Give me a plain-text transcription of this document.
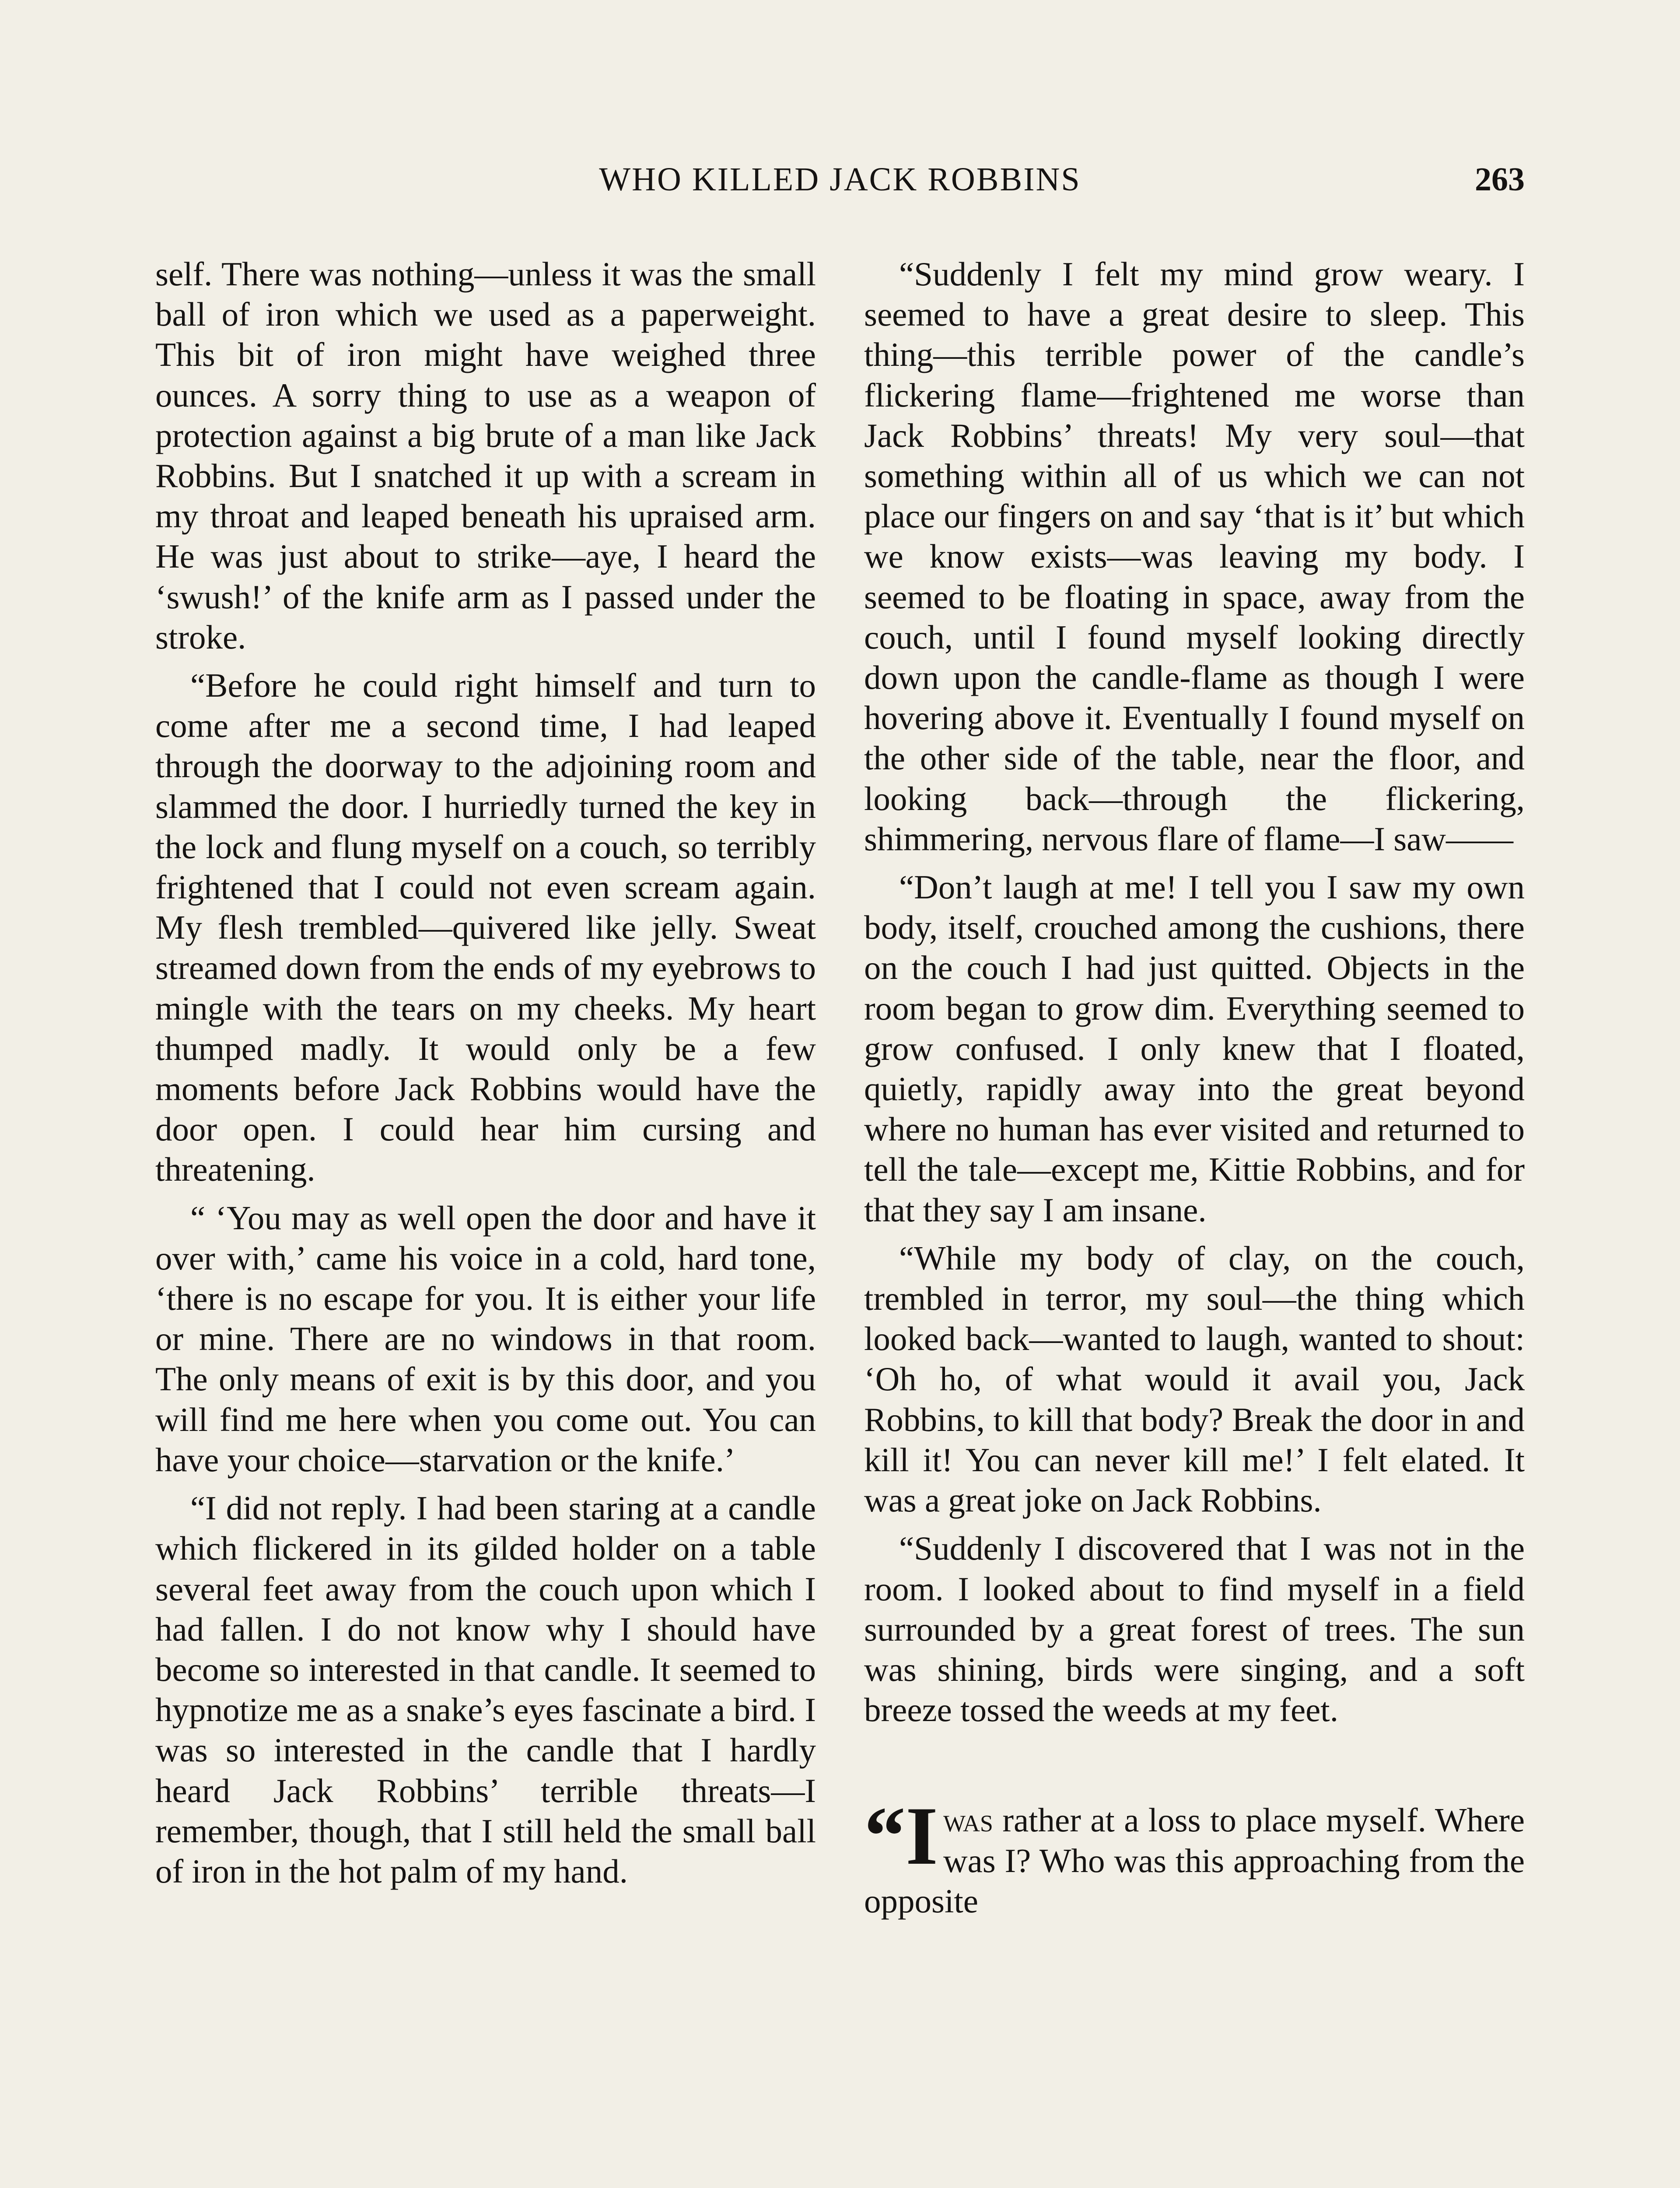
WHO KILLED JACK ROBBINS	263

self. There was nothing—unless it was the small ball of iron which we used as a paperweight. This bit of iron might have weighed three ounces. A sorry thing to use as a weapon of protection against a big brute of a man like Jack Robbins. But I snatched it up with a scream in my throat and leaped beneath his upraised arm. He was just about to strike—aye, I heard the ‘swush!’ of the knife arm as I passed under the stroke.

“Before he could right himself and turn to come after me a second time, I had leaped through the doorway to the adjoining room and slammed the door. I hurriedly turned the key in the lock and flung myself on a couch, so terribly frightened that I could not even scream again. My flesh trembled—quivered like jelly. Sweat streamed down from the ends of my eyebrows to mingle with the tears on my cheeks. My heart thumped madly. It would only be a few moments before Jack Robbins would have the door open. I could hear him cursing and threatening.

“ ‘You may as well open the door and have it over with,’ came his voice in a cold, hard tone, ‘there is no escape for you. It is either your life or mine. There are no windows in that room. The only means of exit is by this door, and you will find me here when you come out. You can have your choice—starvation or the knife.’

“I did not reply. I had been staring at a candle which flickered in its gilded holder on a table several feet away from the couch upon which I had fallen. I do not know why I should have become so interested in that candle. It seemed to hypnotize me as a snake’s eyes fascinate a bird. I was so interested in the candle that I hardly heard Jack Robbins’ terrible threats—I remember, though, that I still held the small ball of iron in the hot palm of my hand.

“Suddenly I felt my mind grow weary. I seemed to have a great desire to sleep. This thing—this terrible power of the candle’s flickering flame—frightened me worse than Jack Robbins’ threats! My very soul—that something within all of us which we can not place our fingers on and say ‘that is it’ but which we know exists—was leaving my body. I seemed to be floating in space, away from the couch, until I found myself looking directly down upon the candle-flame as though I were hovering above it. Eventually I found myself on the other side of the table, near the floor, and looking back—through the flickering, shimmering, nervous flare of flame—I saw——

“Don’t laugh at me! I tell you I saw my own body, itself, crouched among the cushions, there on the couch I had just quitted. Objects in the room began to grow dim. Everything seemed to grow confused. I only knew that I floated, quietly, rapidly away into the great beyond where no human has ever visited and returned to tell the tale—except me, Kittie Robbins, and for that they say I am insane.

“While my body of clay, on the couch, trembled in terror, my soul—the thing which looked back—wanted to laugh, wanted to shout: ‘Oh ho, of what would it avail you, Jack Robbins, to kill that body? Break the door in and kill it! You can never kill me!’ I felt elated. It was a great joke on Jack Robbins.

“Suddenly I discovered that I was not in the room. I looked about to find myself in a field surrounded by a great forest of trees. The sun was shining, birds were singing, and a soft breeze tossed the weeds at my feet.

“Iwas rather at a loss to place myself. Where was I? Who was this approaching from the opposite
